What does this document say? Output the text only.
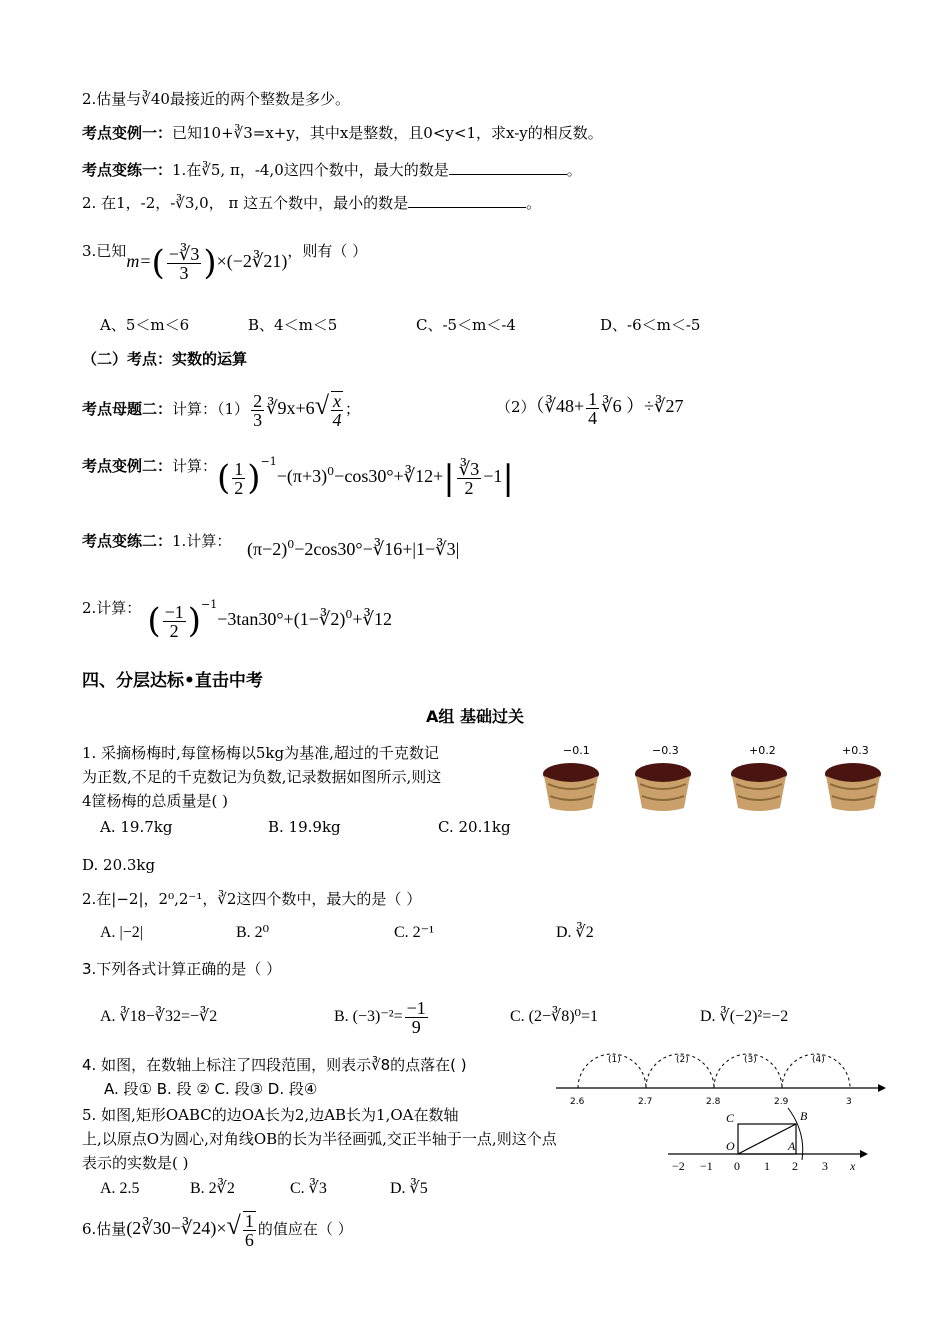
2.估量与∛40最接近的两个整数是多少。
考点变例一：已知10+∛3=x+y，其中x是整数，且0<y<1，求x-y的相反数。
考点变练一：1.在∛5, π，-4,0这四个数中，最大的数是	。
2. 在1，-2，-∛3,0， π 这五个数中，最小的数是	。
3.已知$m=( \frac{-∛3}{3}$ )×(−2∛21)，则有（ ）
A、5＜m＜6	B、4＜m＜5	C、-5＜m＜-4	D、-6＜m＜-5
（二）考点：实数的运算
考点母题二：计算：$(1) \frac{2}{3}$ ∛9x+6√ $\frac{x}{4}$ ；	（2）（∛48+ $\frac{1}{4}$ ∛6 ）÷∛27
考点变例二：计算：( $\frac{1}{2}$ )$^{-1}-(\pi+3)^0-\cos 30^\circ+∛12+| \frac{∛3}{2} -1|$
考点变练二：1.计算： $(\pi-2)^0-2\cos 30^\circ-∛16+|1-∛3|$
2.计算： ( $\frac{-1}{2}$ )$^{-1}$−3tan30°+(1−∛2)$^0$+∛12
四、分层达标•直击中考
A组 基础过关
1. 采摘杨梅时,每筐杨梅以5kg为基准,超过的千克数记
为正数,不足的千克数记为负数,记录数据如图所示,则这
4筐杨梅的总质量是( )
−0.1	−0.3	+0.2	+0.3
A. 19.7kg	B. 19.9kg	C. 20.1kg
D. 20.3kg
2.在|−2|，2⁰,2⁻¹，∛2这四个数中，最大的是（ ）
A. |−2|	B. 2⁰	C. 2⁻¹	D. ∛2
3.下列各式计算正确的是（ ）
A. ∛18−∛32=−∛2	B. $(-3)^{-2}= \frac{-1}{9}$	C. (2−∛8)⁰=1	D. ∛(−2)²=−2
4. 如图，在数轴上标注了四段范围，则表示∛8的点落在( )
A. 段① B. 段 ② C. 段③ D. 段④
(1)	(2)	(3)	(4)
2.6	2.7	2.8	2.9	3
5. 如图,矩形OABC的边OA长为2,边AB长为1,OA在数轴
上,以原点O为圆心,对角线OB的长为半径画弧,交正半轴于一点,则这个点
表示的实数是( )
C	B
O	A
−2 −1 0 1 2 3 x
A. 2.5	B. 2∛2	C. ∛3	D. ∛5
6.估量(2∛30−∛24)×√ $\frac{1}{6}$ 的值应在（ ）
